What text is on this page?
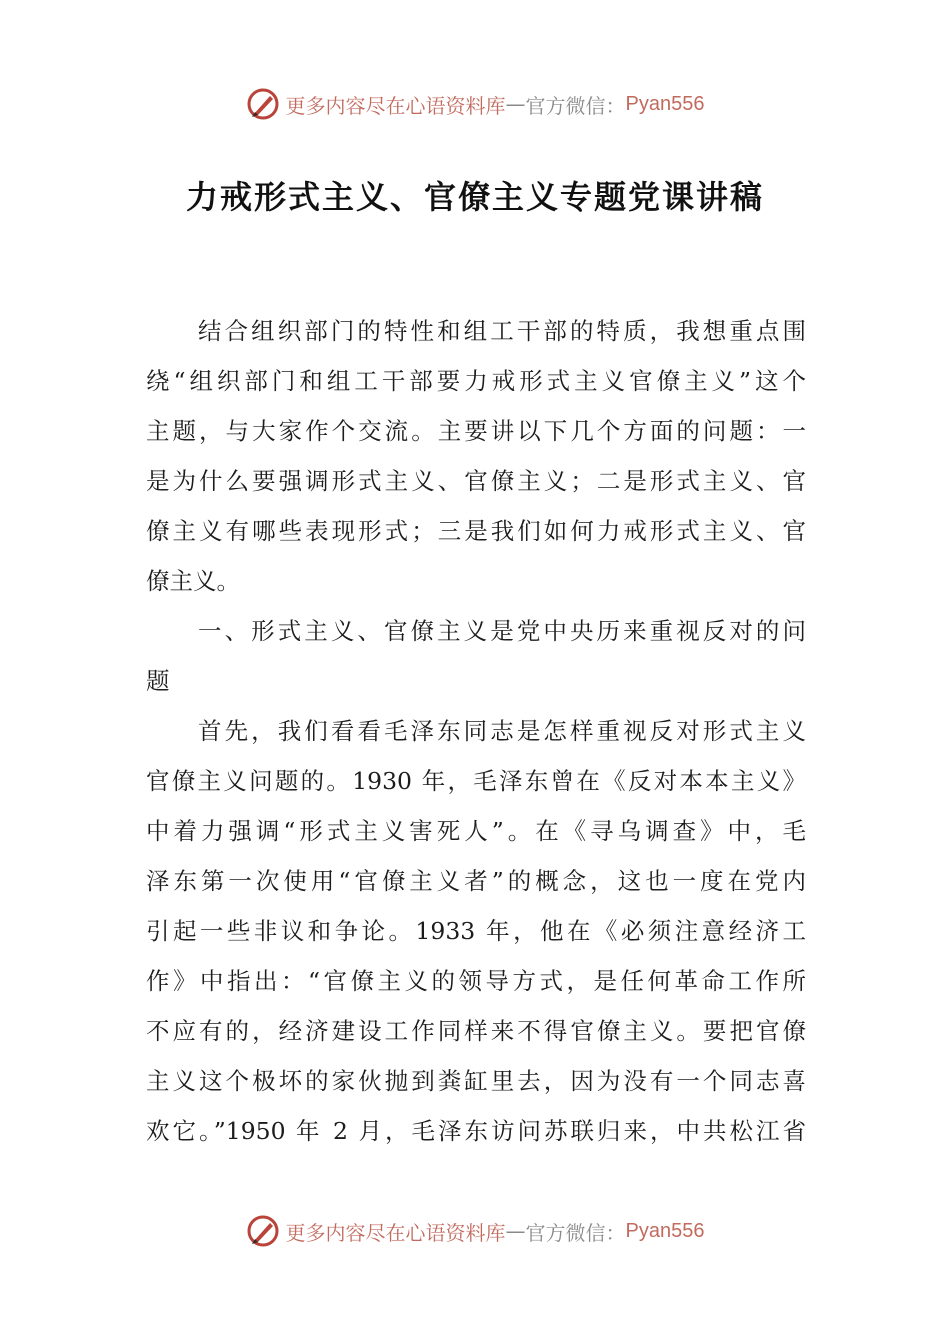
更多内容尽在心语资料库 — 官方微信： Pyan556
力戒形式主义、官僚主义专题党课讲稿
结合组织部门的特性和组工干部的特质，我想重点围
绕“组织部门和组工干部要力戒形式主义官僚主义”这个
主题，与大家作个交流。主要讲以下几个方面的问题：一
是为什么要强调形式主义、官僚主义；二是形式主义、官
僚主义有哪些表现形式；三是我们如何力戒形式主义、官
僚主义。
一、形式主义、官僚主义是党中央历来重视反对的问
题
首先，我们看看毛泽东同志是怎样重视反对形式主义
官僚主义问题的。1930 年，毛泽东曾在《反对本本主义》
中着力强调“形式主义害死人”。在《寻乌调查》中，毛
泽东第一次使用“官僚主义者”的概念，这也一度在党内
引起一些非议和争论。1933 年，他在《必须注意经济工
作》中指出：“官僚主义的领导方式，是任何革命工作所
不应有的，经济建设工作同样来不得官僚主义。要把官僚
主义这个极坏的家伙抛到粪缸里去，因为没有一个同志喜
欢它。”1950 年 2 月，毛泽东访问苏联归来，中共松江省
更多内容尽在心语资料库 — 官方微信： Pyan556
